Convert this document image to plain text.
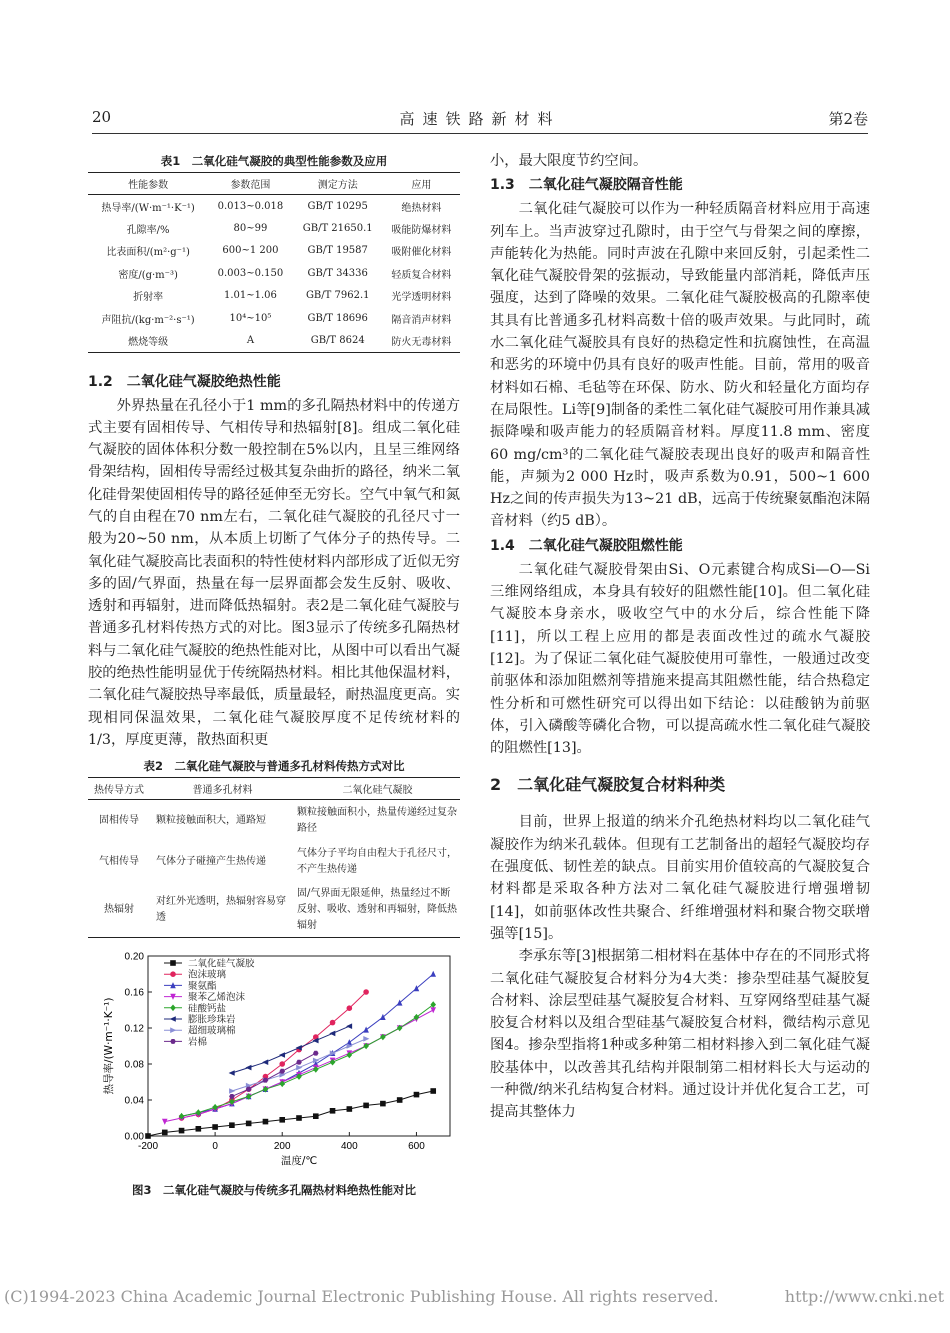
20	高速铁路新材料	第2卷
表1　二氧化硅气凝胶的典型性能参数及应用
性能参数	参数范围	测定方法	应用
热导率/(W·m⁻¹·K⁻¹)	0.013~0.018	GB/T 10295	绝热材料
孔隙率/%	80~99	GB/T 21650.1	吸能防爆材料
比表面积/(m²·g⁻¹)	600~1 200	GB/T 19587	吸附催化材料
密度/(g·m⁻³)	0.003~0.150	GB/T 34336	轻质复合材料
折射率	1.01~1.06	GB/T 7962.1	光学透明材料
声阻抗/(kg·m⁻²·s⁻¹)	10⁴~10⁵	GB/T 18696	隔音消声材料
燃烧等级	A	GB/T 8624	防火无毒材料
1.2　二氧化硅气凝胶绝热性能

外界热量在孔径小于1 mm的多孔隔热材料中的传递方式主要有固相传导、气相传导和热辐射[8]。组成二氧化硅气凝胶的固体体积分数一般控制在5%以内，且呈三维网络骨架结构，固相传导需经过极其复杂曲折的路径，纳米二氧化硅骨架使固相传导的路径延伸至无穷长。空气中氧气和氮气的自由程在70 nm左右，二氧化硅气凝胶的孔径尺寸一般为20~50 nm，从本质上切断了气体分子的热传导。二氧化硅气凝胶高比表面积的特性使材料内部形成了近似无穷多的固/气界面，热量在每一层界面都会发生反射、吸收、透射和再辐射，进而降低热辐射。表2是二氧化硅气凝胶与普通多孔材料传热方式的对比。图3显示了传统多孔隔热材料与二氧化硅气凝胶的绝热性能对比，从图中可以看出气凝胶的绝热性能明显优于传统隔热材料。相比其他保温材料，二氧化硅气凝胶热导率最低，质量最轻，耐热温度更高。实现相同保温效果，二氧化硅气凝胶厚度不足传统材料的1/3，厚度更薄，散热面积更

表2　二氧化硅气凝胶与普通多孔材料传热方式对比
热传导方式	普通多孔材料	二氧化硅气凝胶
固相传导	颗粒接触面积大，通路短	颗粒接触面积小，热量传递经过复杂路径
气相传导	气体分子碰撞产生热传递	气体分子平均自由程大于孔径尺寸，不产生热传递
热辐射	对红外光透明，热辐射容易穿透	固/气界面无限延伸，热量经过不断反射、吸收、透射和再辐射，降低热辐射
-200	0	200	400	600
0.00
0.04
0.08
0.12
0.16
0.20
温度/℃
热导率/(W·m⁻¹·K⁻¹)
二氧化硅气凝胶
泡沫玻璃
聚氨酯
聚苯乙烯泡沫
硅酸钙盐
膨胀珍珠岩
超细玻璃棉
岩棉
图3　二氧化硅气凝胶与传统多孔隔热材料绝热性能对比

小，最大限度节约空间。

1.3　二氧化硅气凝胶隔音性能

二氧化硅气凝胶可以作为一种轻质隔音材料应用于高速列车上。当声波穿过孔隙时，由于空气与骨架之间的摩擦，声能转化为热能。同时声波在孔隙中来回反射，引起柔性二氧化硅气凝胶骨架的弦振动，导致能量内部消耗，降低声压强度，达到了降噪的效果。二氧化硅气凝胶极高的孔隙率使其具有比普通多孔材料高数十倍的吸声效果。与此同时，疏水二氧化硅气凝胶具有良好的热稳定性和抗腐蚀性，在高温和恶劣的环境中仍具有良好的吸声性能。目前，常用的吸音材料如石棉、毛毡等在环保、防水、防火和轻量化方面均存在局限性。Li等[9]制备的柔性二氧化硅气凝胶可用作兼具减振降噪和吸声能力的轻质隔音材料。厚度11.8 mm、密度60 mg/cm³的二氧化硅气凝胶表现出良好的吸声和隔音性能，声频为2 000 Hz时，吸声系数为0.91，500~1 600 Hz之间的传声损失为13~21 dB，远高于传统聚氨酯泡沫隔音材料（约5 dB）。

1.4　二氧化硅气凝胶阻燃性能

二氧化硅气凝胶骨架由Si、O元素键合构成Si—O—Si三维网络组成，本身具有较好的阻燃性能[10]。但二氧化硅气凝胶本身亲水，吸收空气中的水分后，综合性能下降[11]，所以工程上应用的都是表面改性过的疏水气凝胶[12]。为了保证二氧化硅气凝胶使用可靠性，一般通过改变前驱体和添加阻燃剂等措施来提高其阻燃性能，结合热稳定性分析和可燃性研究可以得出如下结论：以硅酸钠为前驱体，引入磷酸等磷化合物，可以提高疏水性二氧化硅气凝胶的阻燃性[13]。

2　二氧化硅气凝胶复合材料种类

目前，世界上报道的纳米介孔绝热材料均以二氧化硅气凝胶作为纳米孔载体。但现有工艺制备出的超轻气凝胶均存在强度低、韧性差的缺点。目前实用价值较高的气凝胶复合材料都是采取各种方法对二氧化硅气凝胶进行增强增韧[14]，如前驱体改性共聚合、纤维增强材料和聚合物交联增强等[15]。

李承东等[3]根据第二相材料在基体中存在的不同形式将二氧化硅气凝胶复合材料分为4大类：掺杂型硅基气凝胶复合材料、涂层型硅基气凝胶复合材料、互穿网络型硅基气凝胶复合材料以及组合型硅基气凝胶复合材料，微结构示意见图4。掺杂型指将1种或多种第二相材料掺入到二氧化硅气凝胶基体中，以改善其孔结构并限制第二相材料长大与运动的一种微/纳米孔结构复合材料。通过设计并优化复合工艺，可提高其整体力

(C)1994-2023 China Academic Journal Electronic Publishing House. All rights reserved.	http://www.cnki.net
